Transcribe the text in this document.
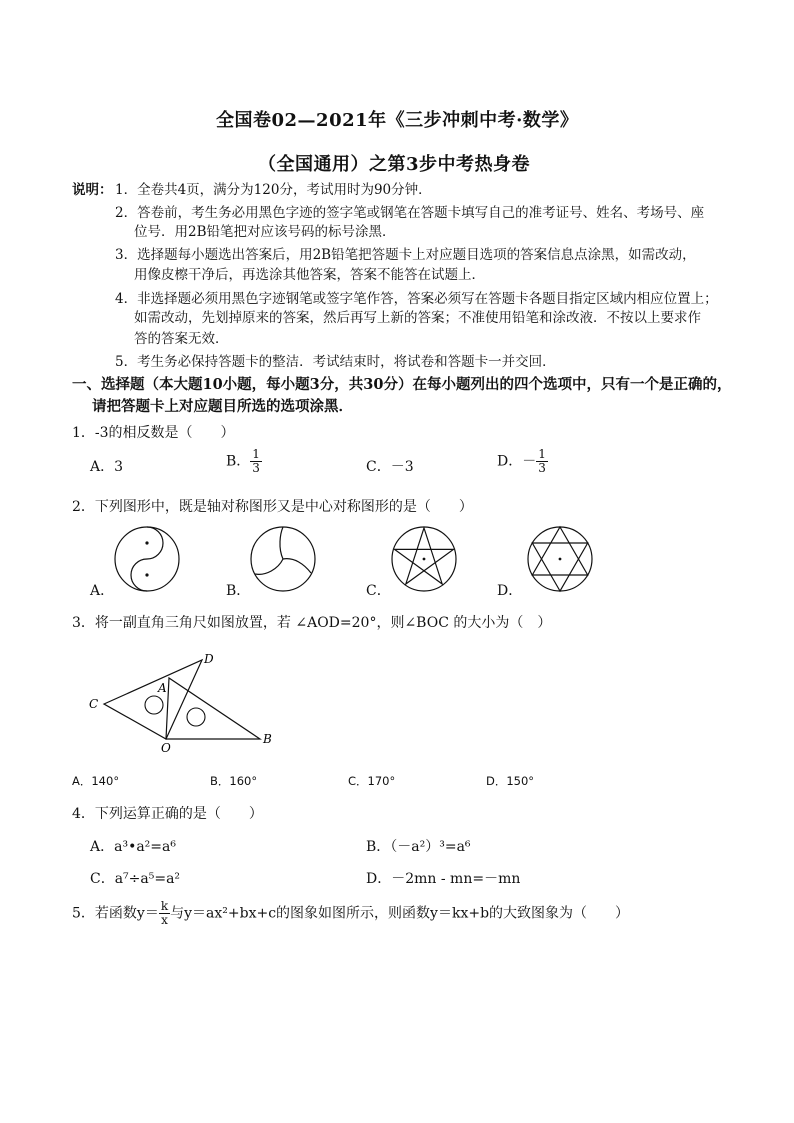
全国卷02—2021年《三步冲刺中考·数学》
（全国通用）之第3步中考热身卷
说明： 1．全卷共4页，满分为120分，考试用时为90分钟．
2．答卷前，考生务必用黑色字迹的签字笔或钢笔在答题卡填写自己的准考证号、姓名、考场号、座
位号．用2B铅笔把对应该号码的标号涂黑．
3．选择题每小题选出答案后，用2B铅笔把答题卡上对应题目选项的答案信息点涂黑，如需改动，
用像皮檫干净后，再选涂其他答案，答案不能答在试题上．
4．非选择题必须用黑色字迹钢笔或签字笔作答，答案必须写在答题卡各题目指定区域内相应位置上；
如需改动，先划掉原来的答案，然后再写上新的答案；不准使用铅笔和涂改液．不按以上要求作
答的答案无效．
5．考生务必保持答题卡的整洁．考试结束时，将试卷和答题卡一并交回．
一、选择题（本大题10小题，每小题3分，共30分）在每小题列出的四个选项中，只有一个是正确的，
请把答题卡上对应题目所选的选项涂黑．
1．-3的相反数是（　　）
A．3	B． $\frac{1}{3}$	C．－3	D．－ $\frac{1}{3}$
2．下列图形中，既是轴对称图形又是中心对称图形的是（　　）
A．	B．	C．	D．
3．将一副直角三角尺如图放置，若 ∠AOD=20°，则∠BOC 的大小为（　）
C
A
D
O
B
A．140°	B．160°	C．170°	D．150°
4．下列运算正确的是（　　）
A．a³•a²=a⁶	B．（－a²）³=a⁶
C．a⁷÷a⁵=a²	D．－2mn - mn=－mn
5．若函数$y= \frac{k}{x}$ 与y＝ax²+bx+c的图象如图所示，则函数y＝kx+b的大致图象为（　　）
